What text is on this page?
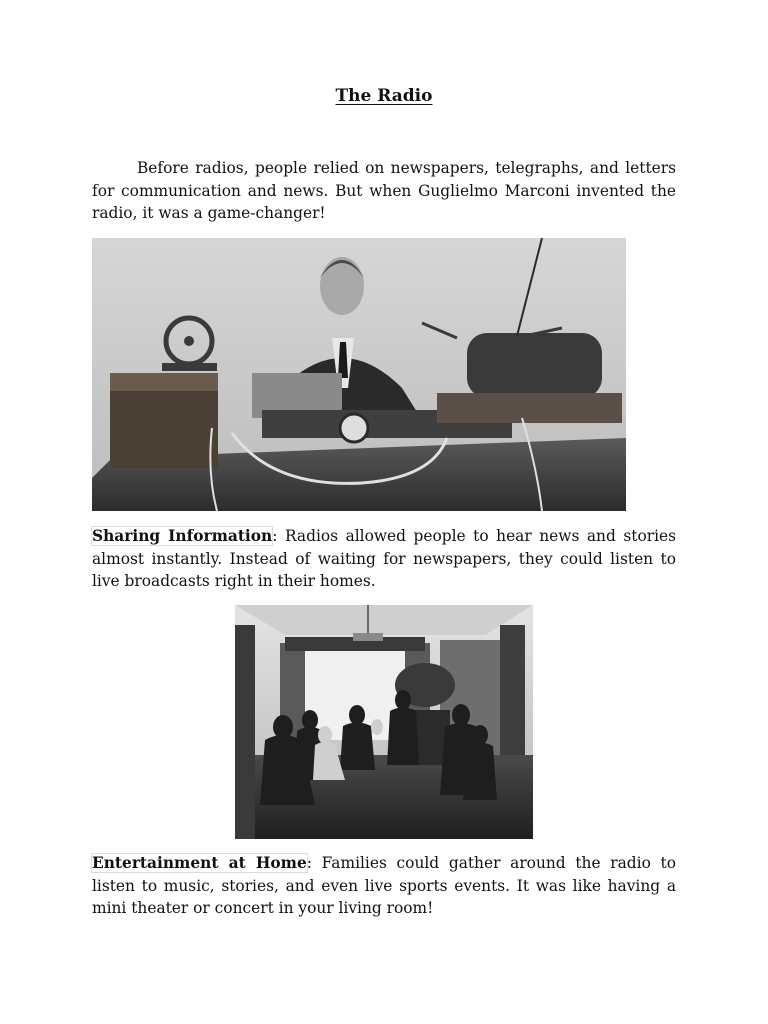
The Radio

Before radios, people relied on newspapers, telegraphs, and letters for communication and news. But when Guglielmo Marconi invented the radio, it was a game-changer!

Sharing Information: Radios allowed people to hear news and stories almost instantly. Instead of waiting for newspapers, they could listen to live broadcasts right in their homes.

Entertainment at Home: Families could gather around the radio to listen to music, stories, and even live sports events. It was like having a mini theater or concert in your living room!
